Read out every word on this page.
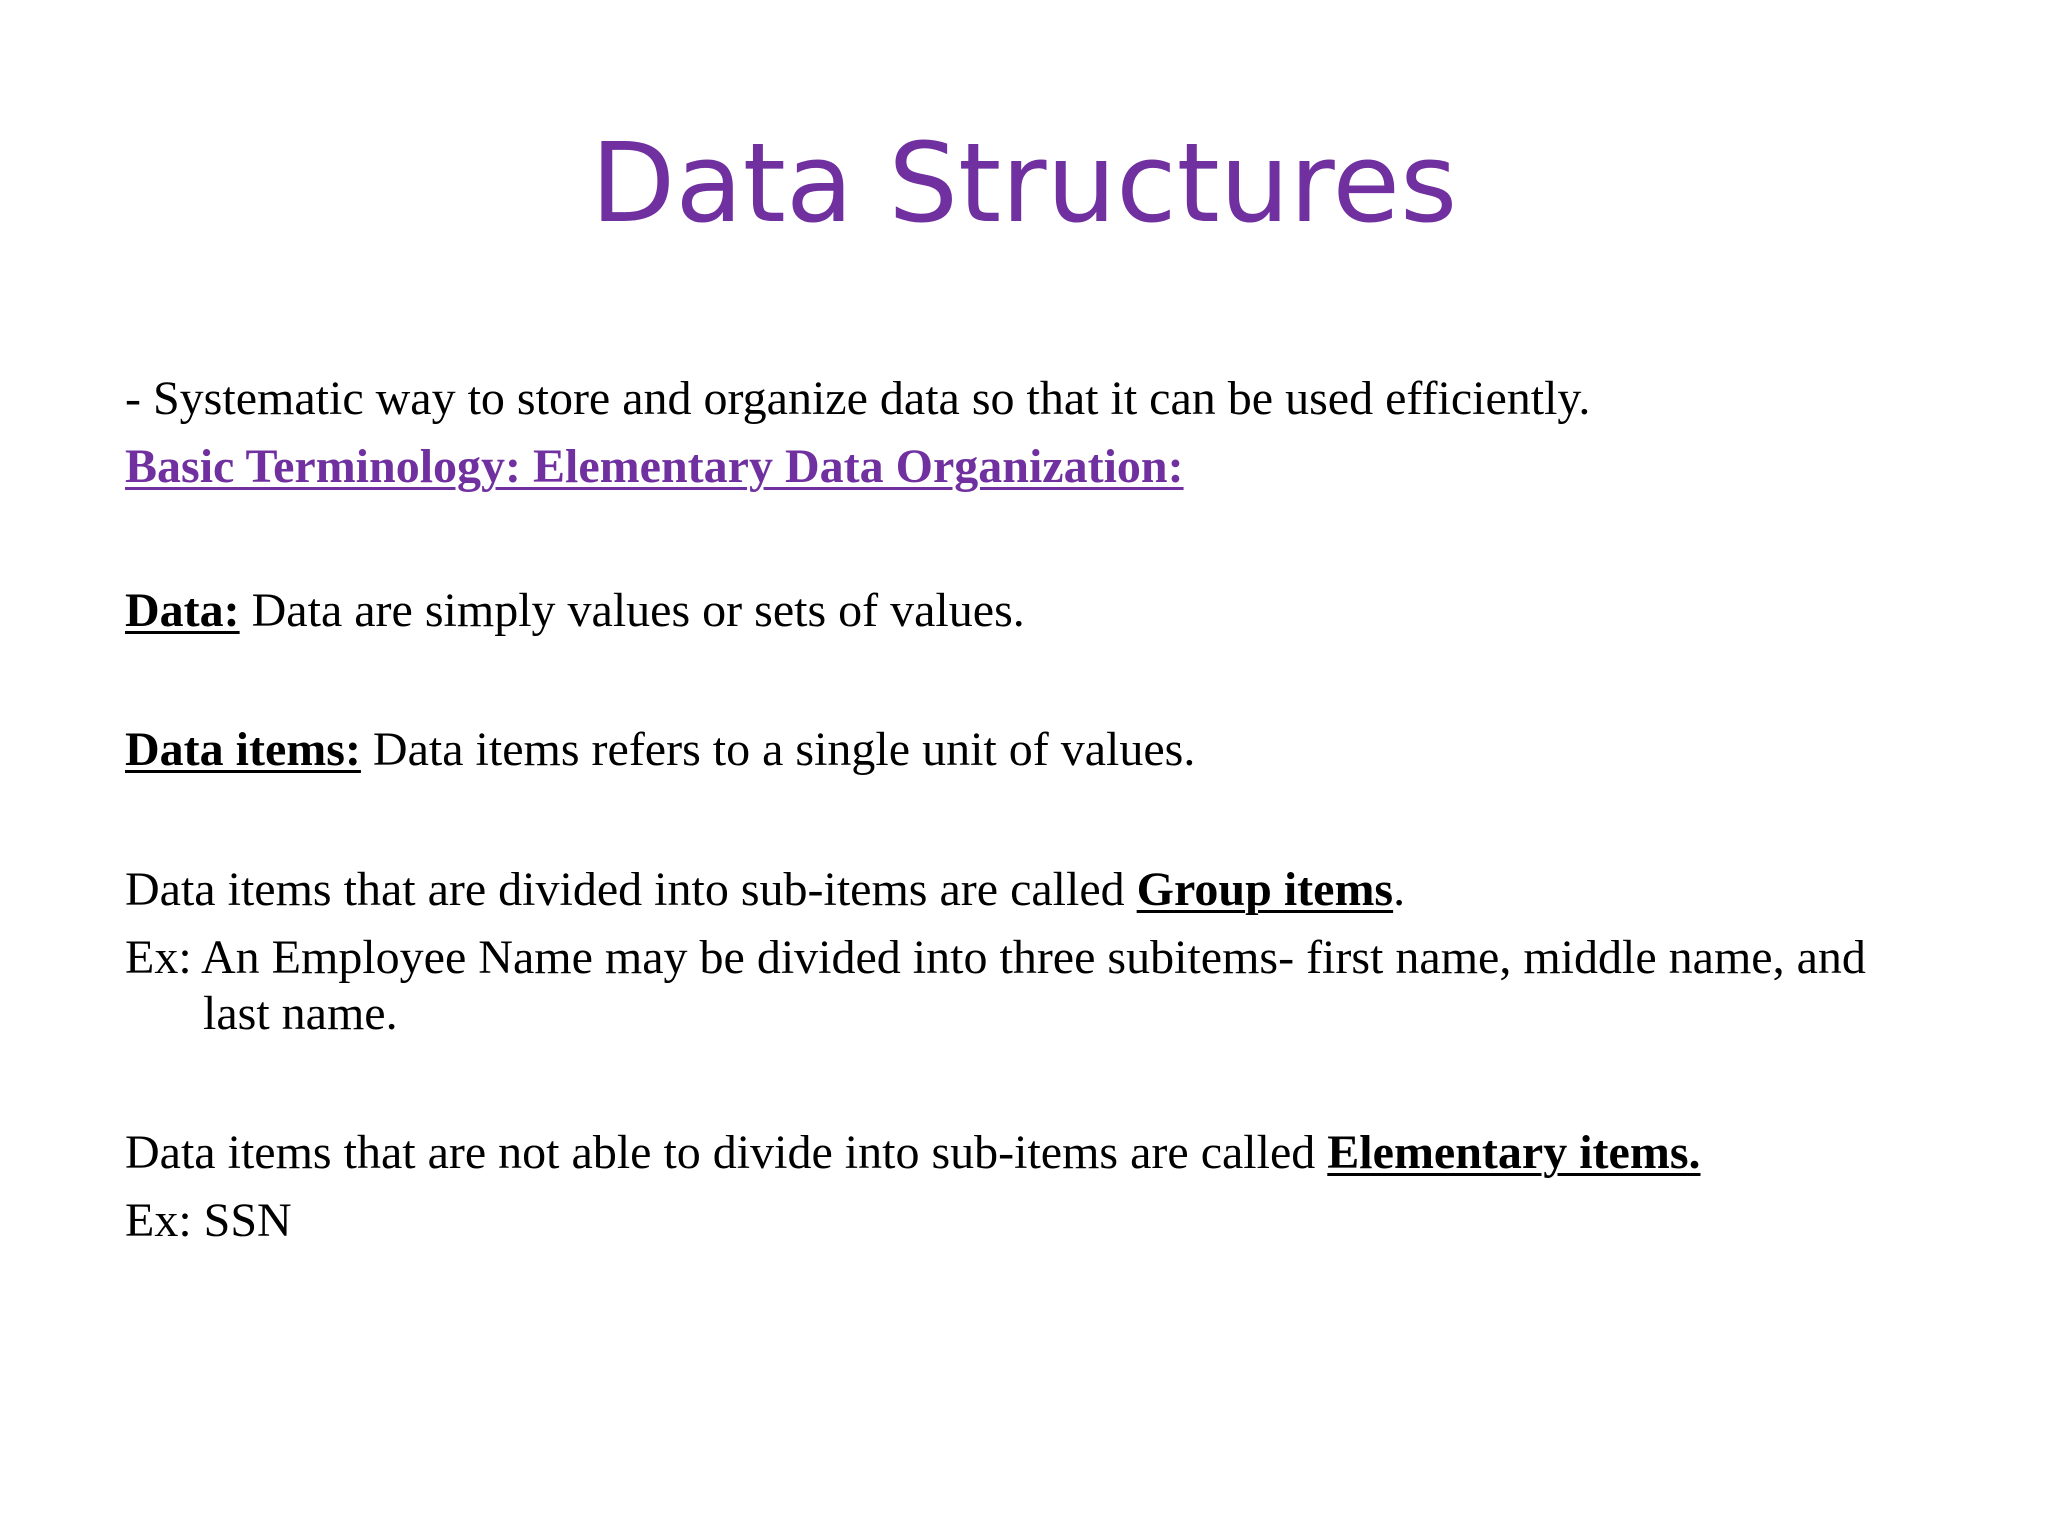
Data Structures
- Systematic way to store and organize data so that it can be used efficiently.
Basic Terminology: Elementary Data Organization:
Data: Data are simply values or sets of values.
Data items: Data items refers to a single unit of values.
Data items that are divided into sub-items are called Group items.
Ex: An Employee Name may be divided into three subitems- first name, middle name, and
last name.
Data items that are not able to divide into sub-items are called Elementary items.
Ex: SSN
